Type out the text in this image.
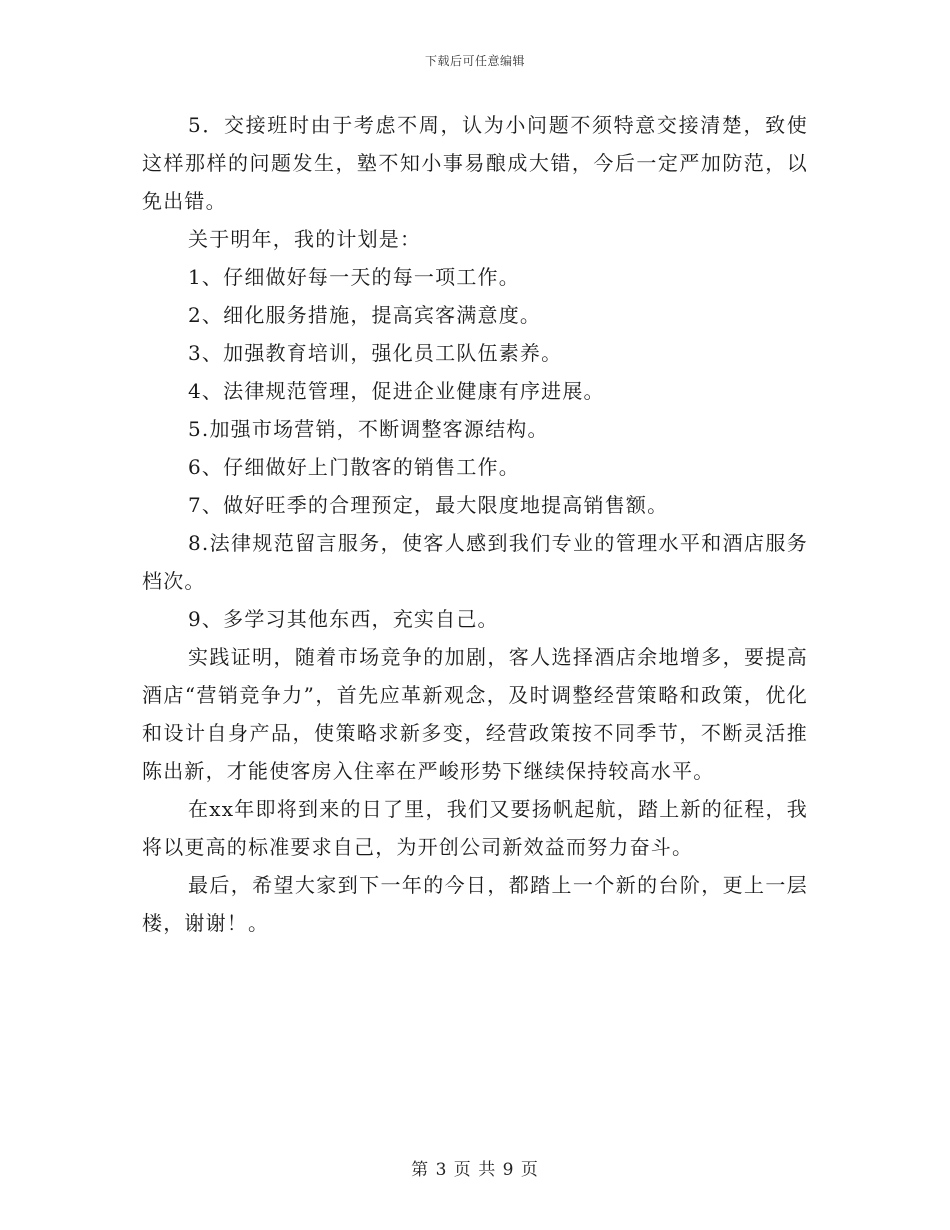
下载后可任意编辑

5．交接班时由于考虑不周，认为小问题不须特意交接清楚，致使这样那样的问题发生，塾不知小事易酿成大错，今后一定严加防范，以免出错。

关于明年，我的计划是：

1、仔细做好每一天的每一项工作。

2、细化服务措施，提高宾客满意度。

3、加强教育培训，强化员工队伍素养。

4、法律规范管理，促进企业健康有序进展。

5.加强市场营销，不断调整客源结构。

6、仔细做好上门散客的销售工作。

7、做好旺季的合理预定，最大限度地提高销售额。

8.法律规范留言服务，使客人感到我们专业的管理水平和酒店服务档次。

9、多学习其他东西，充实自己。

实践证明，随着市场竞争的加剧，客人选择酒店余地增多，要提高酒店“营销竞争力”，首先应革新观念，及时调整经营策略和政策，优化和设计自身产品，使策略求新多变，经营政策按不同季节，不断灵活推陈出新，才能使客房入住率在严峻形势下继续保持较高水平。

在xx年即将到来的日了里，我们又要扬帆起航，踏上新的征程，我将以更高的标准要求自己，为开创公司新效益而努力奋斗。

最后，希望大家到下一年的今日，都踏上一个新的台阶，更上一层楼，谢谢！。

第 3 页 共 9 页
